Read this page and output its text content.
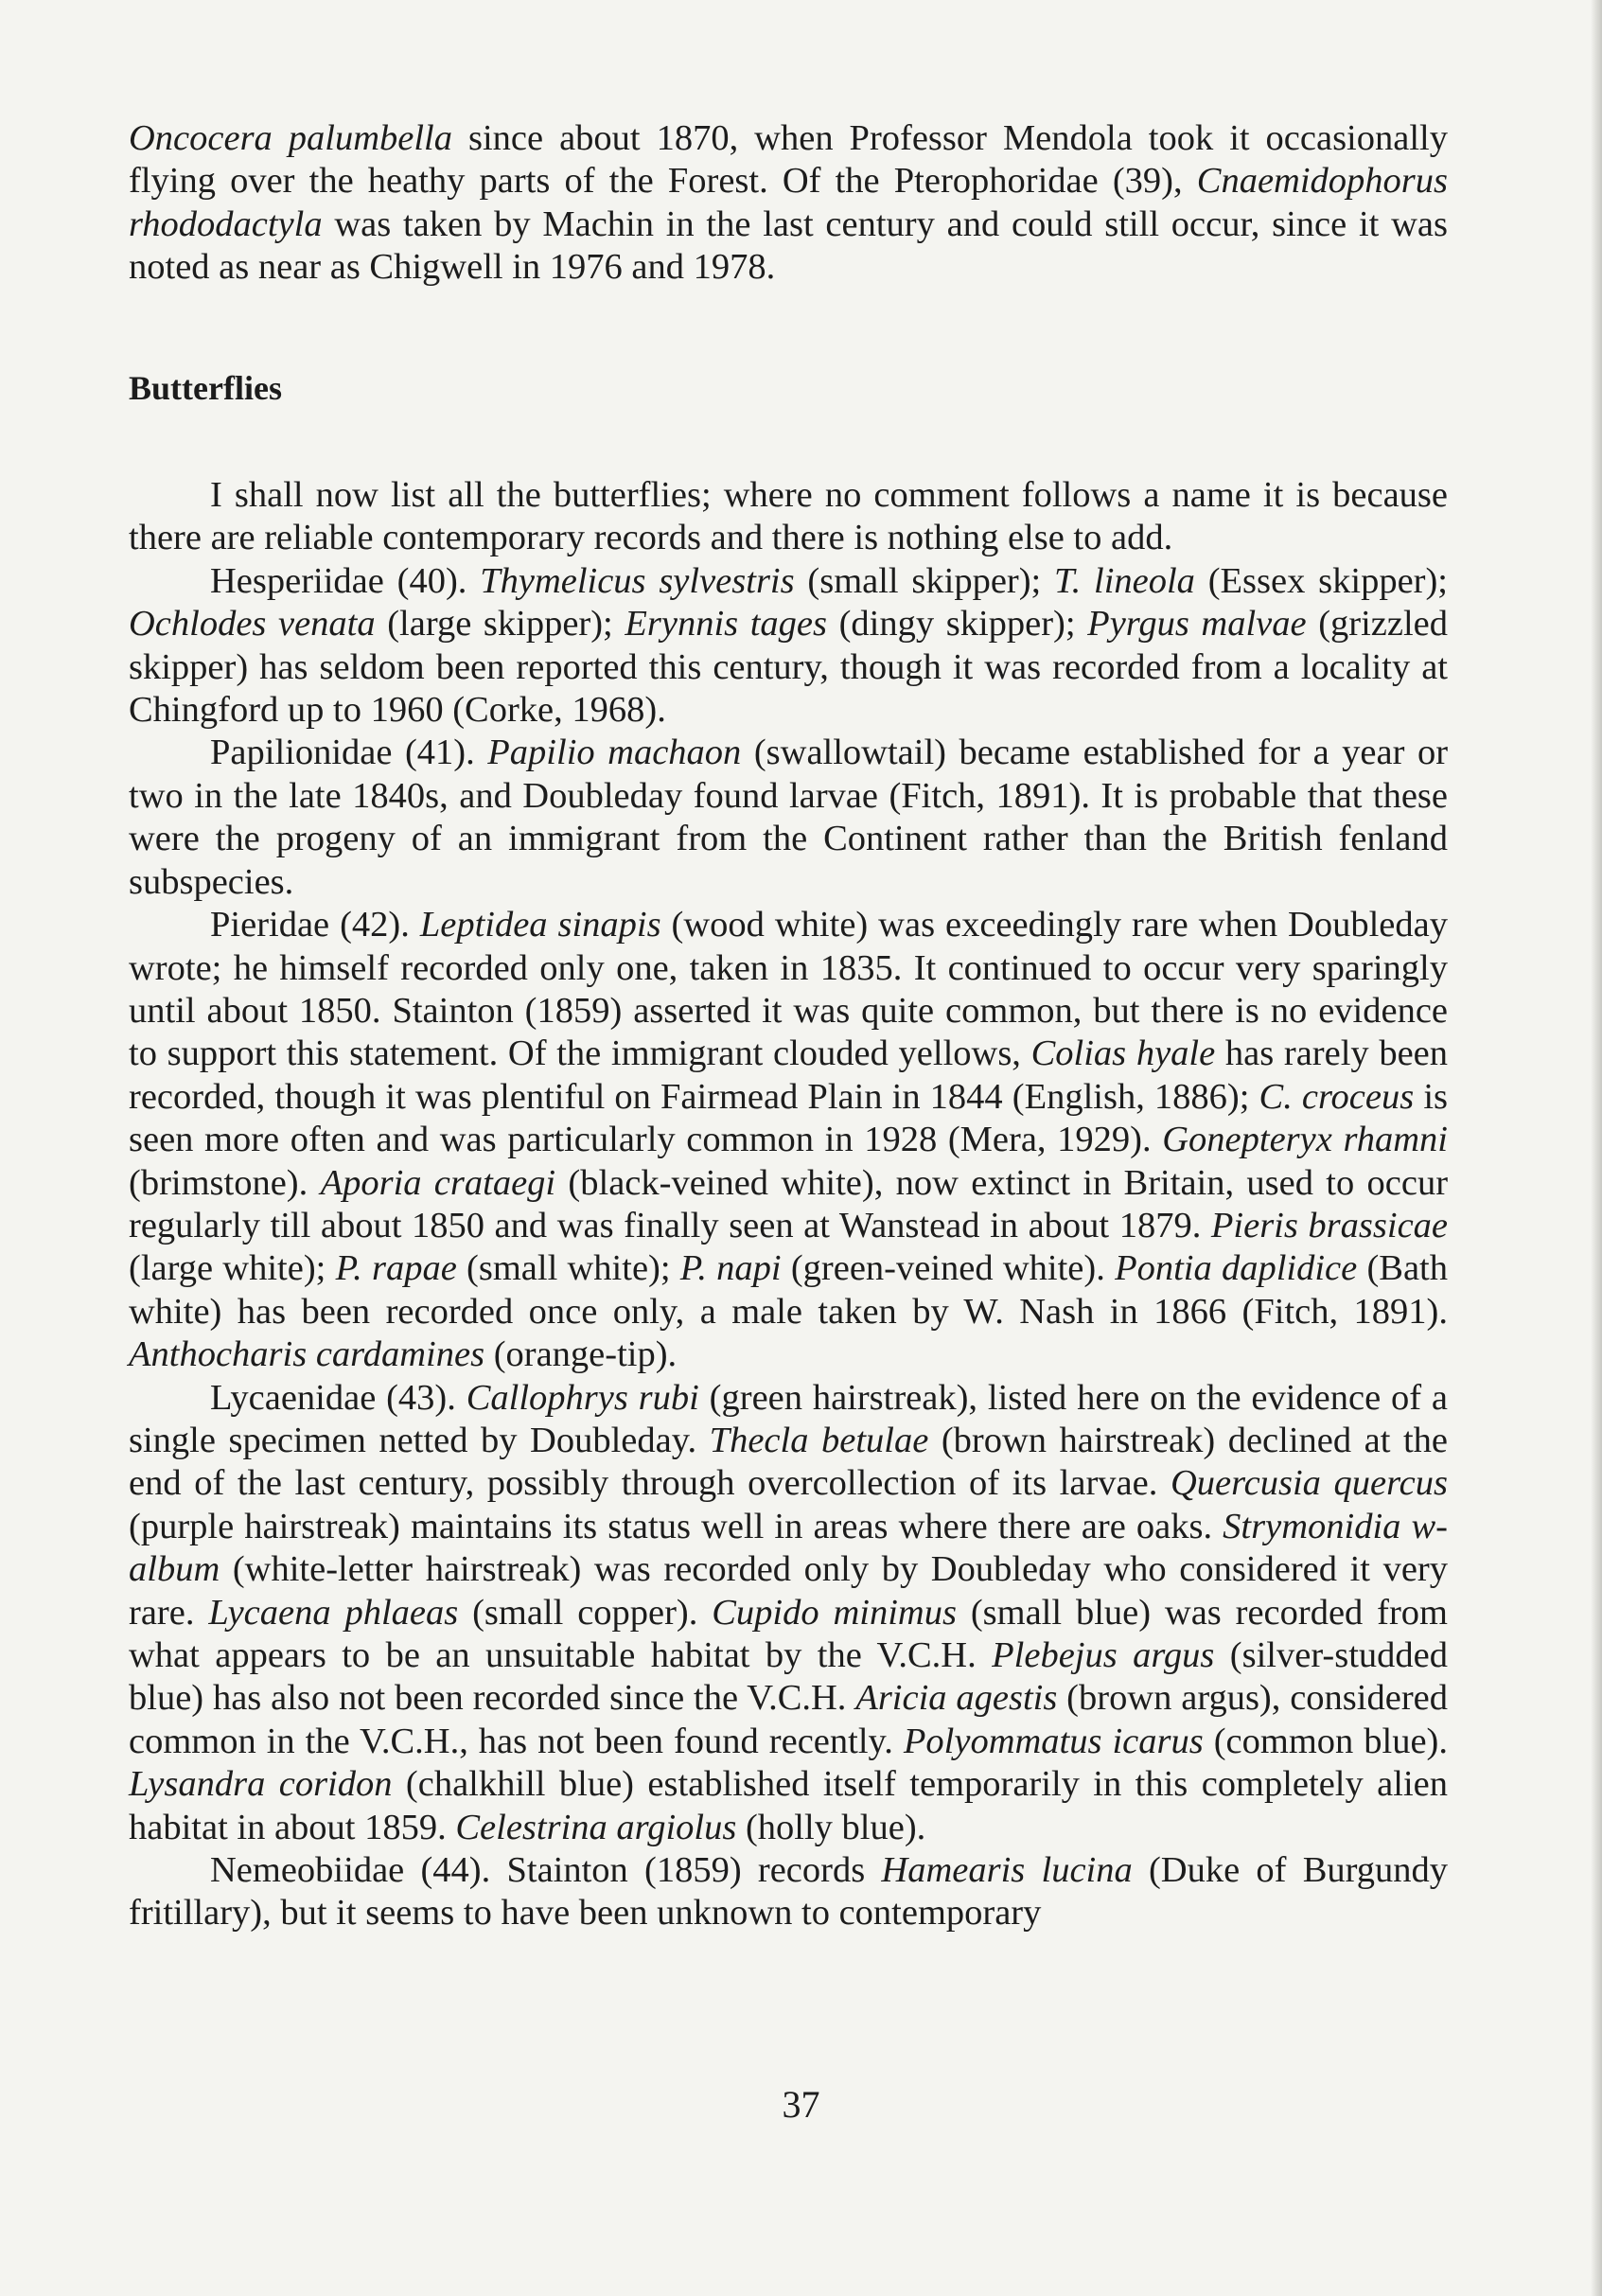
Oncocera palumbella since about 1870, when Professor Mendola took it occasionally flying over the heathy parts of the Forest. Of the Pterophoridae (39), Cnaemidophorus rhododactyla was taken by Machin in the last century and could still occur, since it was noted as near as Chigwell in 1976 and 1978.

Butterflies

I shall now list all the butterflies; where no comment follows a name it is because there are reliable contemporary records and there is nothing else to add.

Hesperiidae (40). Thymelicus sylvestris (small skipper); T. lineola (Essex skipper); Ochlodes venata (large skipper); Erynnis tages (dingy skipper); Pyrgus malvae (grizzled skipper) has seldom been reported this century, though it was recorded from a locality at Chingford up to 1960 (Corke, 1968).

Papilionidae (41). Papilio machaon (swallowtail) became established for a year or two in the late 1840s, and Doubleday found larvae (Fitch, 1891). It is probable that these were the progeny of an immigrant from the Continent rather than the British fenland subspecies.

Pieridae (42). Leptidea sinapis (wood white) was exceedingly rare when Doubleday wrote; he himself recorded only one, taken in 1835. It continued to occur very sparingly until about 1850. Stainton (1859) asserted it was quite common, but there is no evidence to support this statement. Of the immigrant clouded yellows, Colias hyale has rarely been recorded, though it was plentiful on Fairmead Plain in 1844 (English, 1886); C. croceus is seen more often and was particularly common in 1928 (Mera, 1929). Gonepteryx rhamni (brimstone). Aporia crataegi (black-veined white), now extinct in Britain, used to occur regularly till about 1850 and was finally seen at Wanstead in about 1879. Pieris brassicae (large white); P. rapae (small white); P. napi (green-veined white). Pontia daplidice (Bath white) has been recorded once only, a male taken by W. Nash in 1866 (Fitch, 1891). Anthocharis cardamines (orange-tip).

Lycaenidae (43). Callophrys rubi (green hairstreak), listed here on the evidence of a single specimen netted by Doubleday. Thecla betulae (brown hairstreak) declined at the end of the last century, possibly through overcollection of its larvae. Quercusia quercus (purple hairstreak) maintains its status well in areas where there are oaks. Strymonidia w-album (white-letter hairstreak) was recorded only by Doubleday who considered it very rare. Lycaena phlaeas (small copper). Cupido minimus (small blue) was recorded from what appears to be an unsuitable habitat by the V.C.H. Plebejus argus (silver-studded blue) has also not been recorded since the V.C.H. Aricia agestis (brown argus), considered common in the V.C.H., has not been found recently. Polyommatus icarus (common blue). Lysandra coridon (chalkhill blue) established itself temporarily in this completely alien habitat in about 1859. Celestrina argiolus (holly blue).

Nemeobiidae (44). Stainton (1859) records Hamearis lucina (Duke of Burgundy fritillary), but it seems to have been unknown to contemporary

37
